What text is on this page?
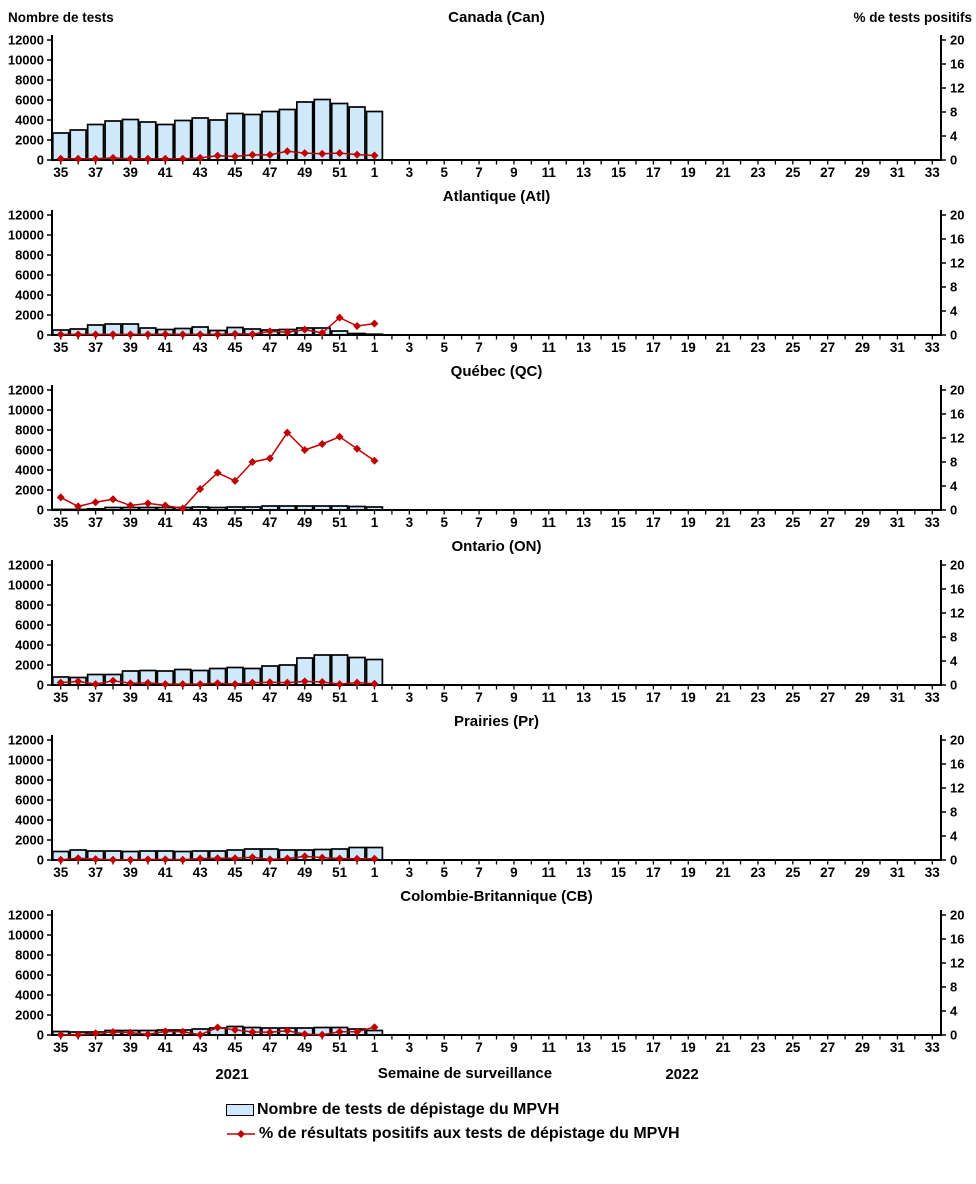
Nombre de tests	Canada (Can)	% de tests positifs
0
2000
4000
6000
8000
10000
12000
0
4
8
12
16
20
35 37 39 41 43 45 47 49 51 1 3 5 7 9 11 13 15 17 19 21 23 25 27 29 31 33
Atlantique (Atl)
0
2000
4000
6000
8000
10000
12000
0
4
8
12
16
20
35 37 39 41 43 45 47 49 51 1 3 5 7 9 11 13 15 17 19 21 23 25 27 29 31 33
Québec (QC)
0
2000
4000
6000
8000
10000
12000
0
4
8
12
16
20
35 37 39 41 43 45 47 49 51 1 3 5 7 9 11 13 15 17 19 21 23 25 27 29 31 33
Ontario (ON)
0
2000
4000
6000
8000
10000
12000
0
4
8
12
16
20
35 37 39 41 43 45 47 49 51 1 3 5 7 9 11 13 15 17 19 21 23 25 27 29 31 33
Prairies (Pr)
0
2000
4000
6000
8000
10000
12000
0
4
8
12
16
20
35 37 39 41 43 45 47 49 51 1 3 5 7 9 11 13 15 17 19 21 23 25 27 29 31 33
Colombie-Britannique (CB)
0
2000
4000
6000
8000
10000
12000
0
4
8
12
16
20
35 37 39 41 43 45 47 49 51 1 3 5 7 9 11 13 15 17 19 21 23 25 27 29 31 33
2021	Semaine de surveillance	2022
Nombre de tests de dépistage du MPVH
% de résultats positifs aux tests de dépistage du MPVH
